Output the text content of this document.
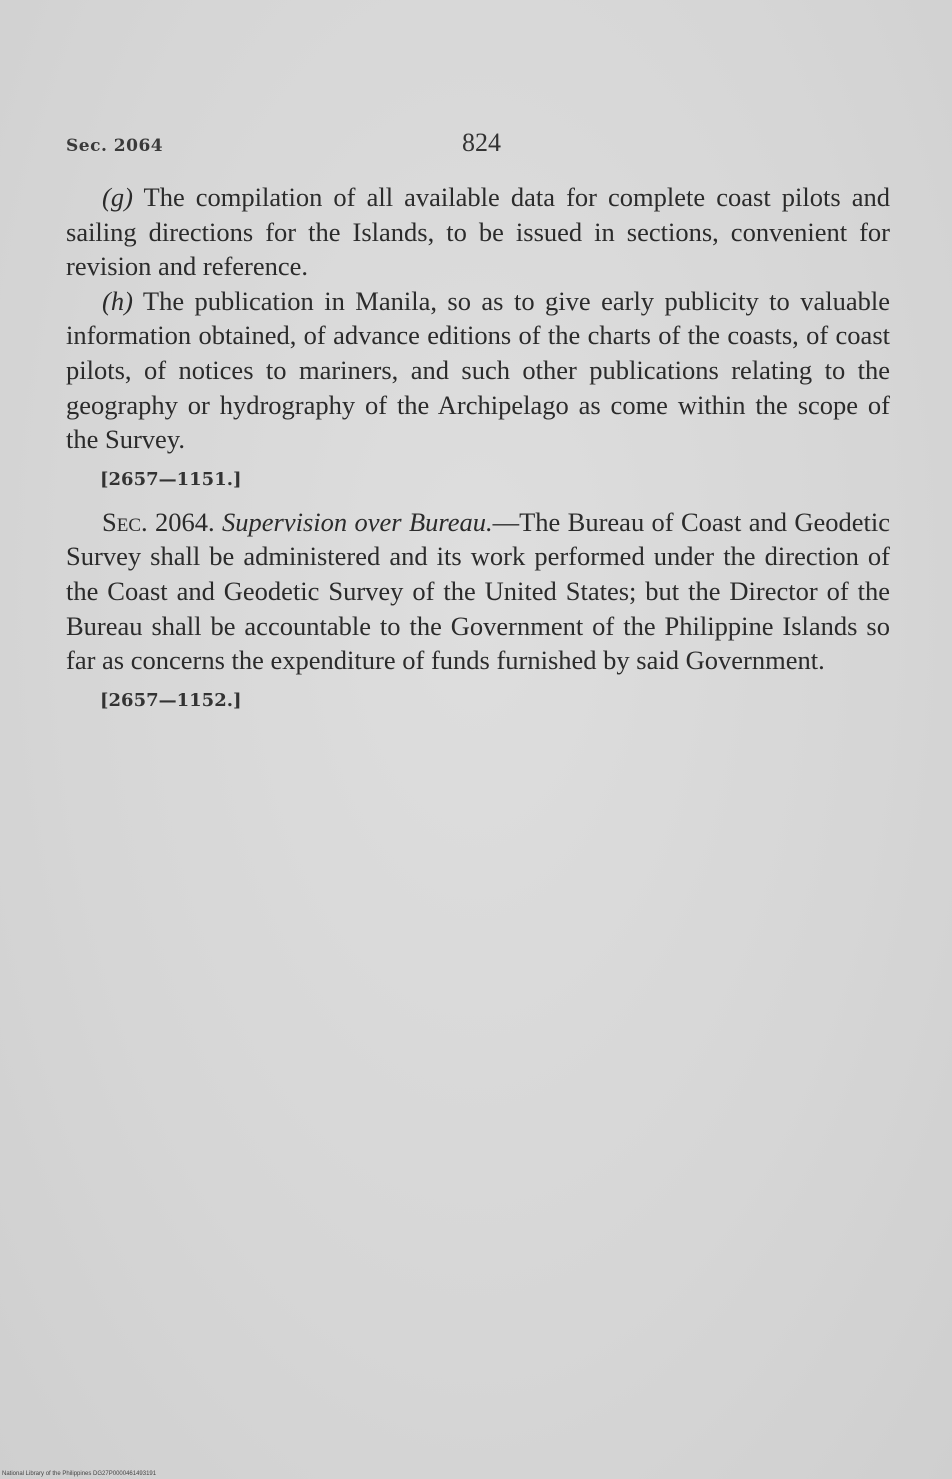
Sec. 2064	824

(g) The compilation of all available data for complete coast pilots and sailing directions for the Islands, to be issued in sections, convenient for revision and reference.

(h) The publication in Manila, so as to give early publicity to valuable information obtained, of advance editions of the charts of the coasts, of coast pilots, of notices to mariners, and such other publications relating to the geography or hydrography of the Archipelago as come within the scope of the Survey.

[2657—1151.]

Sec. 2064. Supervision over Bureau.—The Bureau of Coast and Geodetic Survey shall be administered and its work performed under the direction of the Coast and Geodetic Survey of the United States; but the Director of the Bureau shall be accountable to the Government of the Philippine Islands so far as concerns the expenditure of funds furnished by said Government.

[2657—1152.]
National Library of the Philippines DG27P0000461493191
